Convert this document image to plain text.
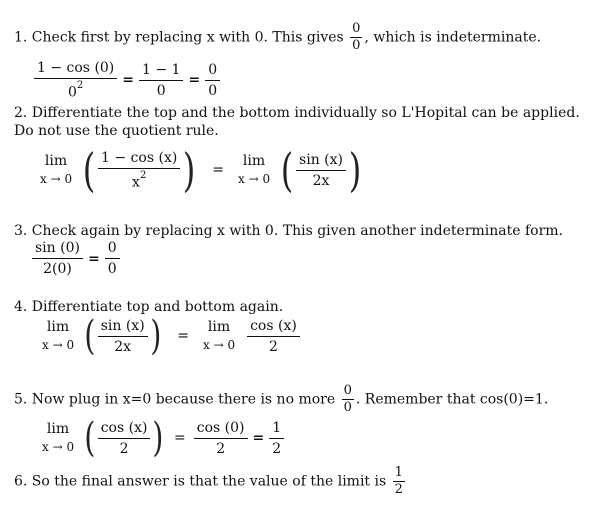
1. Check first by replacing x with 0. This gives $\frac{0}{0}$ , which is indeterminate.
$\frac{1 - \cos (0)}{0^2} = \frac{1 - 1}{0} = \frac{0}{0}$
2. Differentiate the top and the bottom individually so L'Hopital can be applied. Do not use the quotient rule.
lim
x → 0 ( $\frac{1 - \cos (x)}{x^2}$ ) =
lim
x → 0 ( $\frac{\sin (x)}{2x}$ )
3. Check again by replacing x with 0. This given another indeterminate form.
$\frac{\sin (0)}{2(0)} = \frac{0}{0}$
4. Differentiate top and bottom again.
lim
x → 0 ( $\frac{\sin (x)}{2x}$ ) =
lim
$x \to 0 \frac{\cos (x)}{2}$
5. Now plug in x=0 because there is no more $\frac{0}{0}$ . Remember that cos(0)=1.
lim
x → 0 ( $\frac{\cos (x)}{2}$ ) = $\frac{\cos (0)}{2} = \frac{1}{2}$
6. So the final answer is that the value of the limit is $\frac{1}{2}$
